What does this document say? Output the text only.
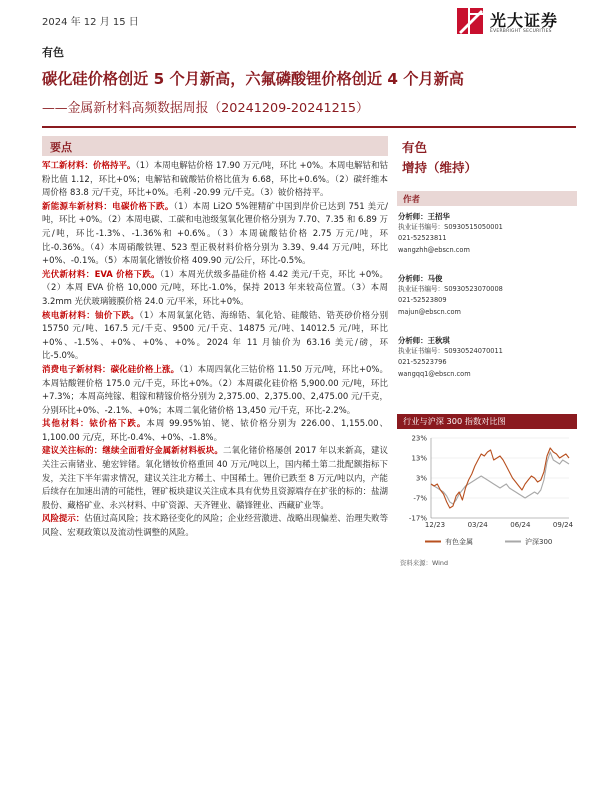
2024 年 12 月 15 日	光大证券
EVERBRIGHT SECURITIES
有色
碳化硅价格创近 5 个月新高，六氟磷酸锂价格创近 4 个月新高
——金属新材料高频数据周报（20241209-20241215）
要点

军工新材料：价格持平。（1）本周电解钴价格 17.90 万元/吨，环比 +0%。本周电解钴和钴粉比值 1.12，环比+0%；电解钴和硫酸钴价格比值为 6.68，环比+0.6%。（2）碳纤维本周价格 83.8 元/千克，环比+0%。毛利 -20.99 元/千克。（3）铍价格持平。

新能源车新材料：电碳价格下跌。（1）本周 Li2O 5%锂精矿中国到岸价已达到 751 美元/吨，环比 +0%。（2）本周电碳、工碳和电池级氢氧化锂价格分别为 7.70、7.35 和 6.89 万元/吨，环比-1.3%、-1.36%和 +0.6%。（3）本周硫酸钴价格 2.75 万元/吨，环比-0.36%。（4）本周硝酸铁锂、523 型正极材料价格分别为 3.39、9.44 万元/吨，环比+0%、-0.1%。（5）本周氧化镨钕价格 409.90 元/公斤，环比-0.5%。

光伏新材料：EVA 价格下跌。（1）本周光伏级多晶硅价格 4.42 美元/千克，环比 +0%。（2）本周 EVA 价格 10,000 元/吨，环比-1.0%，保持 2013 年来较高位置。（3）本周 3.2mm 光伏玻璃镀膜价格 24.0 元/平米，环比+0%。

核电新材料：铀价下跌。（1）本周氧氯化锆、海绵锆、氧化铪、硅酸锆、锆英砂价格分别 15750 元/吨、167.5 元/千克、9500 元/千克、14875 元/吨、14012.5 元/吨，环比 +0%、-1.5%、+0%、+0%、+0%。2024 年 11 月铀价为 63.16 美元/磅，环比-5.0%。

消费电子新材料：碳化硅价格上涨。（1）本周四氧化三钴价格 11.50 万元/吨，环比+0%。本周钴酸锂价格 175.0 元/千克，环比+0%。（2）本周碳化硅价格 5,900.00 元/吨，环比 +7.3%；本周高纯镓、粗镓和精镓价格分别为 2,375.00、2,375.00、2,475.00 元/千克，分别环比+0%、-2.1%、+0%；本周二氧化锗价格 13,450 元/千克，环比-2.2%。

其他材料：铱价格下跌。本周 99.95%铂、铑、铱价格分别为 226.00、1,155.00、1,100.00 元/克，环比-0.4%、+0%、-1.8%。

建议关注标的：继续全面看好金属新材料板块。二氧化锗价格屡创 2017 年以来新高，建议关注云南锗业、驰宏锌锗。氧化镨钕价格重回 40 万元/吨以上，国内稀土第二批配额指标下发，关注下半年需求情况，建议关注北方稀土、中国稀土。锂价已跌至 8 万元/吨以内，产能后续存在加速出清的可能性，锂矿板块建议关注成本具有优势且资源端存在扩张的标的：盐湖股份、藏格矿业、永兴材料、中矿资源、天齐锂业、赣锋锂业、西藏矿业等。

风险提示：估值过高风险；技术路径变化的风险；企业经营激进、战略出现偏差、治理失败等风险、宏观政策以及流动性调整的风险。

有色
增持（维持）
作者
分析师：王招华
执业证书编号：S0930515050001
021-52523811
wangzhh@ebscn.com
分析师：马俊
执业证书编号：S0930523070008
021-52523809
majun@ebscn.com
分析师：王秋琪
执业证书编号：S0930524070011
021-52523796
wangqq1@ebscn.com
行业与沪深 300 指数对比图
23%
13%
3%
-7%
-17%
12/23	03/24	06/24	09/24
有色金属	沪深300
资料来源：Wind
